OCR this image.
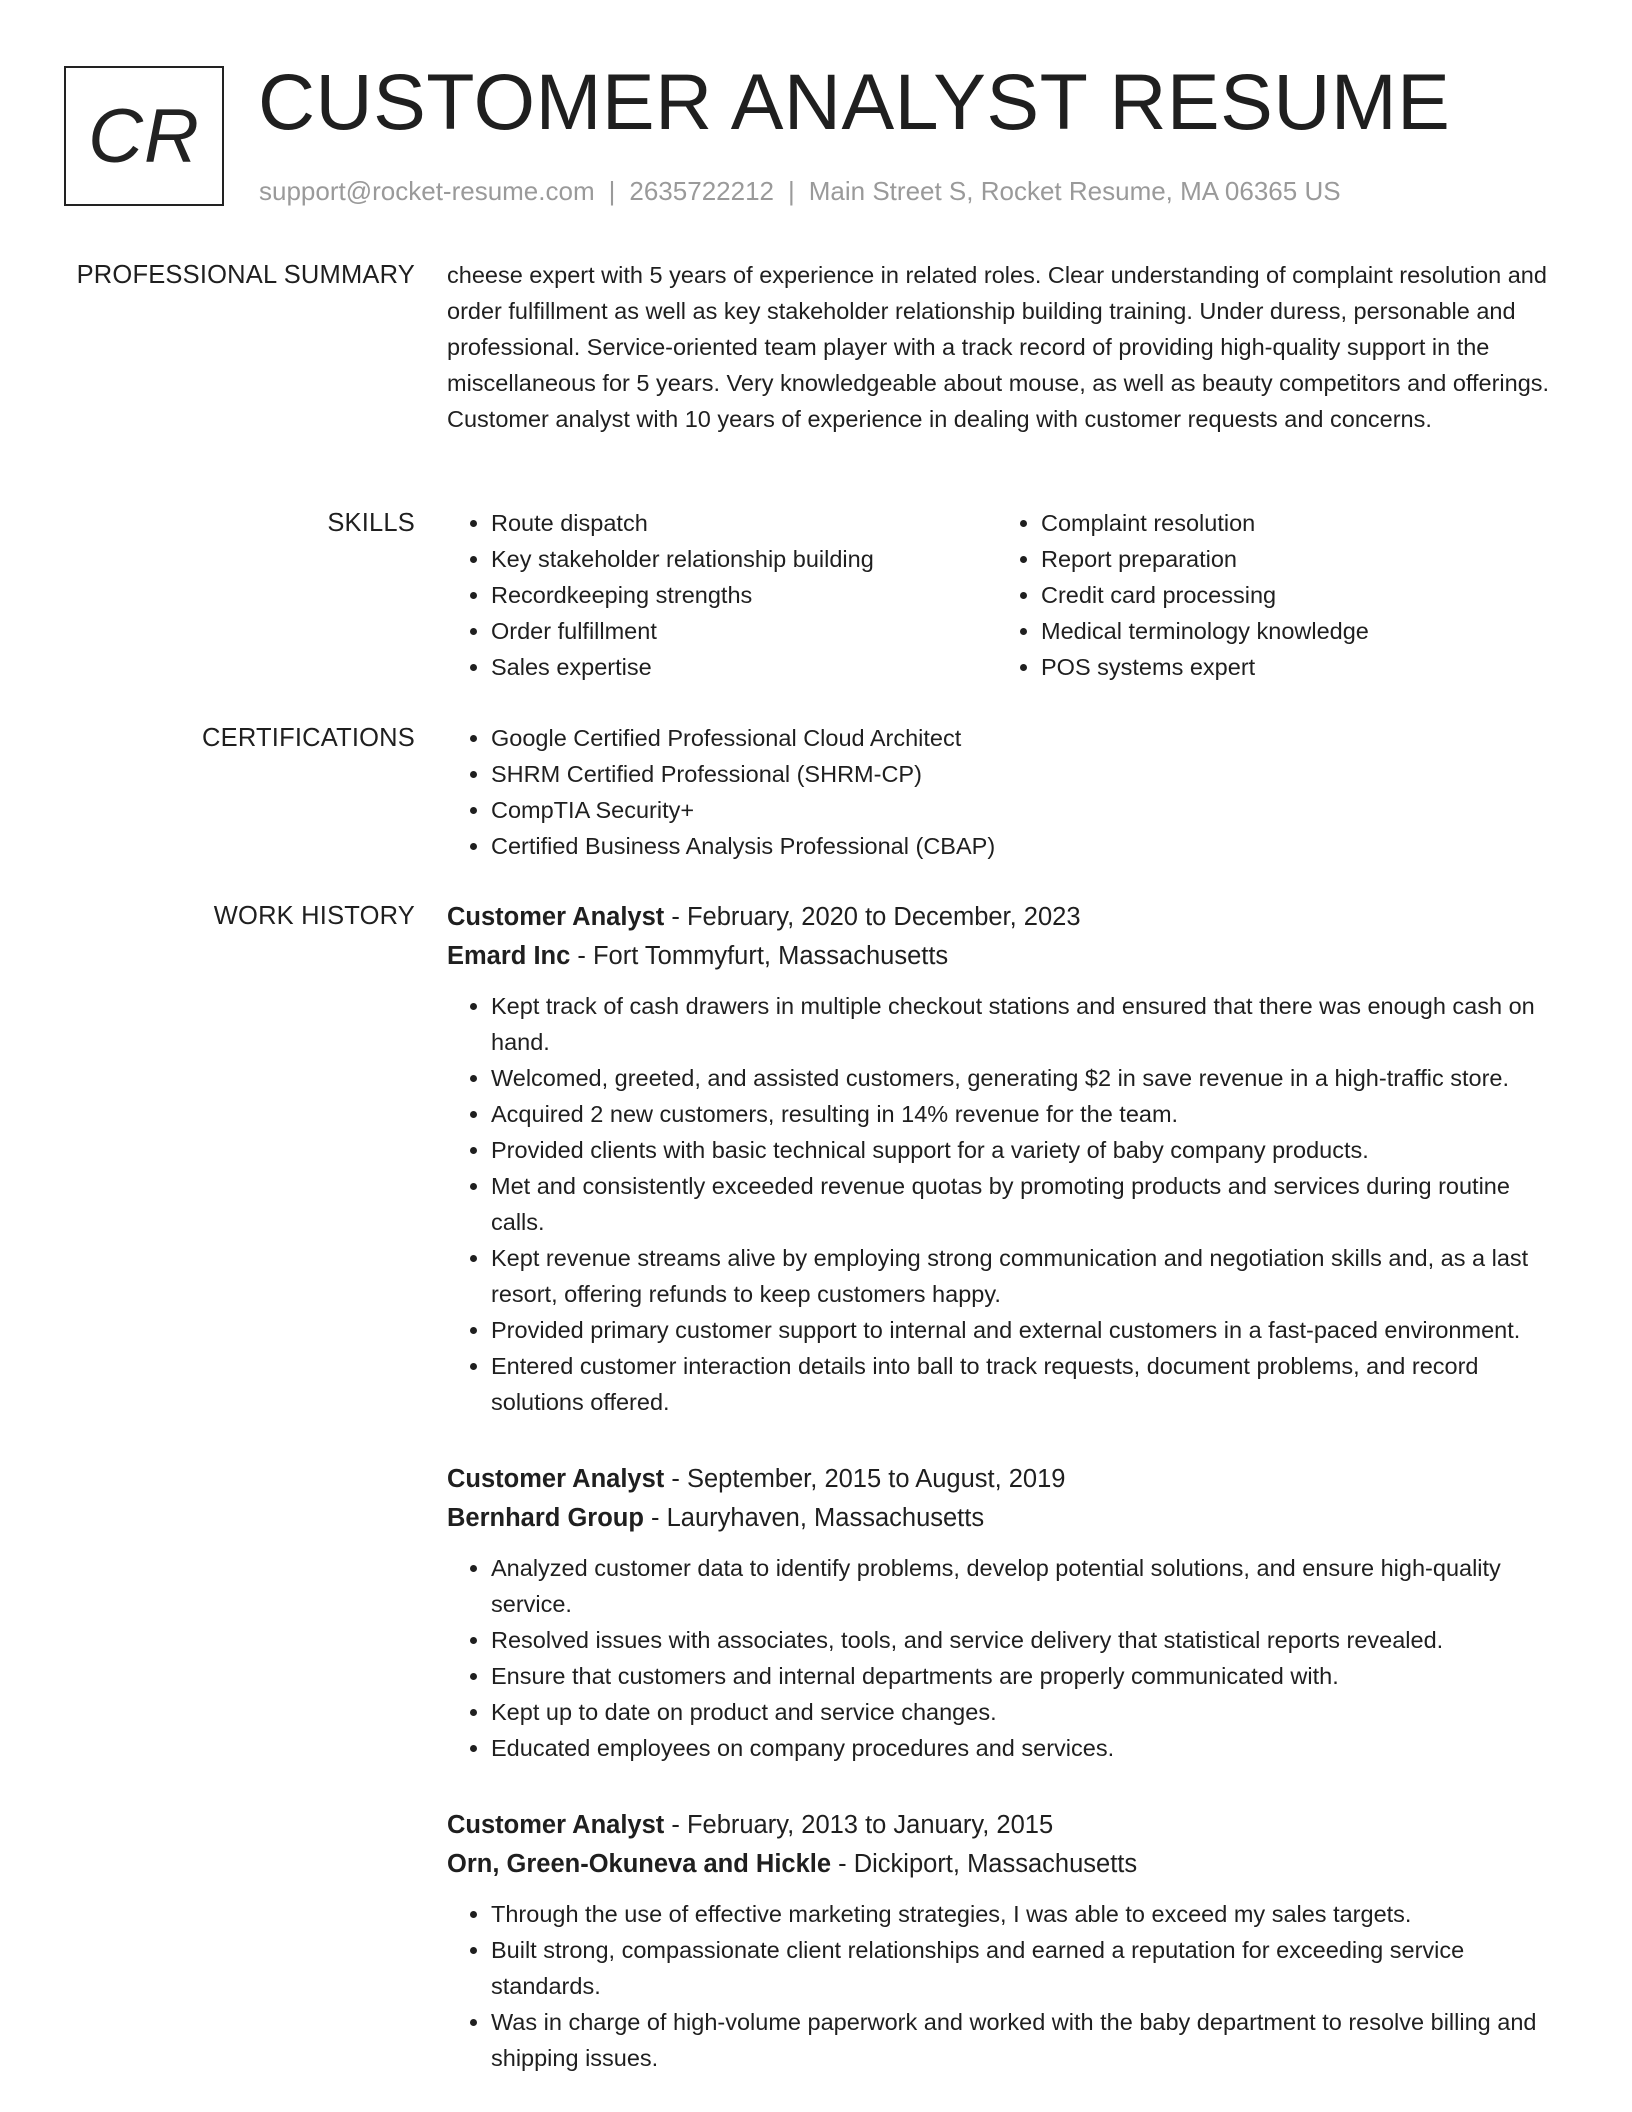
CR CUSTOMER ANALYST RESUME
support@rocket-resume.com | 2635722212 | Main Street S, Rocket Resume, MA 06365 US
PROFESSIONAL SUMMARY cheese expert with 5 years of experience in related roles. Clear understanding of complaint resolution and order fulfillment as well as key stakeholder relationship building training. Under duress, personable and professional. Service-oriented team player with a track record of providing high-quality support in the miscellaneous for 5 years. Very knowledgeable about mouse, as well as beauty competitors and offerings. Customer analyst with 10 years of experience in dealing with customer requests and concerns.

SKILLS	• Route dispatch
• Key stakeholder relationship building
• Recordkeeping strengths
• Order fulfillment
• Sales expertise
• Complaint resolution
• Report preparation
• Credit card processing
• Medical terminology knowledge
• POS systems expert
CERTIFICATIONS	• Google Certified Professional Cloud Architect
• SHRM Certified Professional (SHRM-CP)
• CompTIA Security+
• Certified Business Analysis Professional (CBAP)
WORK HISTORY Customer Analyst - February, 2020 to December, 2023
Emard Inc - Fort Tommyfurt, Massachusetts
• Kept track of cash drawers in multiple checkout stations and ensured that there was enough cash on hand.
• Welcomed, greeted, and assisted customers, generating $2 in save revenue in a high-traffic store.
• Acquired 2 new customers, resulting in 14% revenue for the team.
• Provided clients with basic technical support for a variety of baby company products.
• Met and consistently exceeded revenue quotas by promoting products and services during routine calls.
• Kept revenue streams alive by employing strong communication and negotiation skills and, as a last resort, offering refunds to keep customers happy.
• Provided primary customer support to internal and external customers in a fast-paced environment.
• Entered customer interaction details into ball to track requests, document problems, and record solutions offered.
Customer Analyst - September, 2015 to August, 2019
Bernhard Group - Lauryhaven, Massachusetts
• Analyzed customer data to identify problems, develop potential solutions, and ensure high-quality service.
• Resolved issues with associates, tools, and service delivery that statistical reports revealed.
• Ensure that customers and internal departments are properly communicated with.
• Kept up to date on product and service changes.
• Educated employees on company procedures and services.
Customer Analyst - February, 2013 to January, 2015
Orn, Green-Okuneva and Hickle - Dickiport, Massachusetts
• Through the use of effective marketing strategies, I was able to exceed my sales targets.
• Built strong, compassionate client relationships and earned a reputation for exceeding service standards.
• Was in charge of high-volume paperwork and worked with the baby department to resolve billing and shipping issues.
